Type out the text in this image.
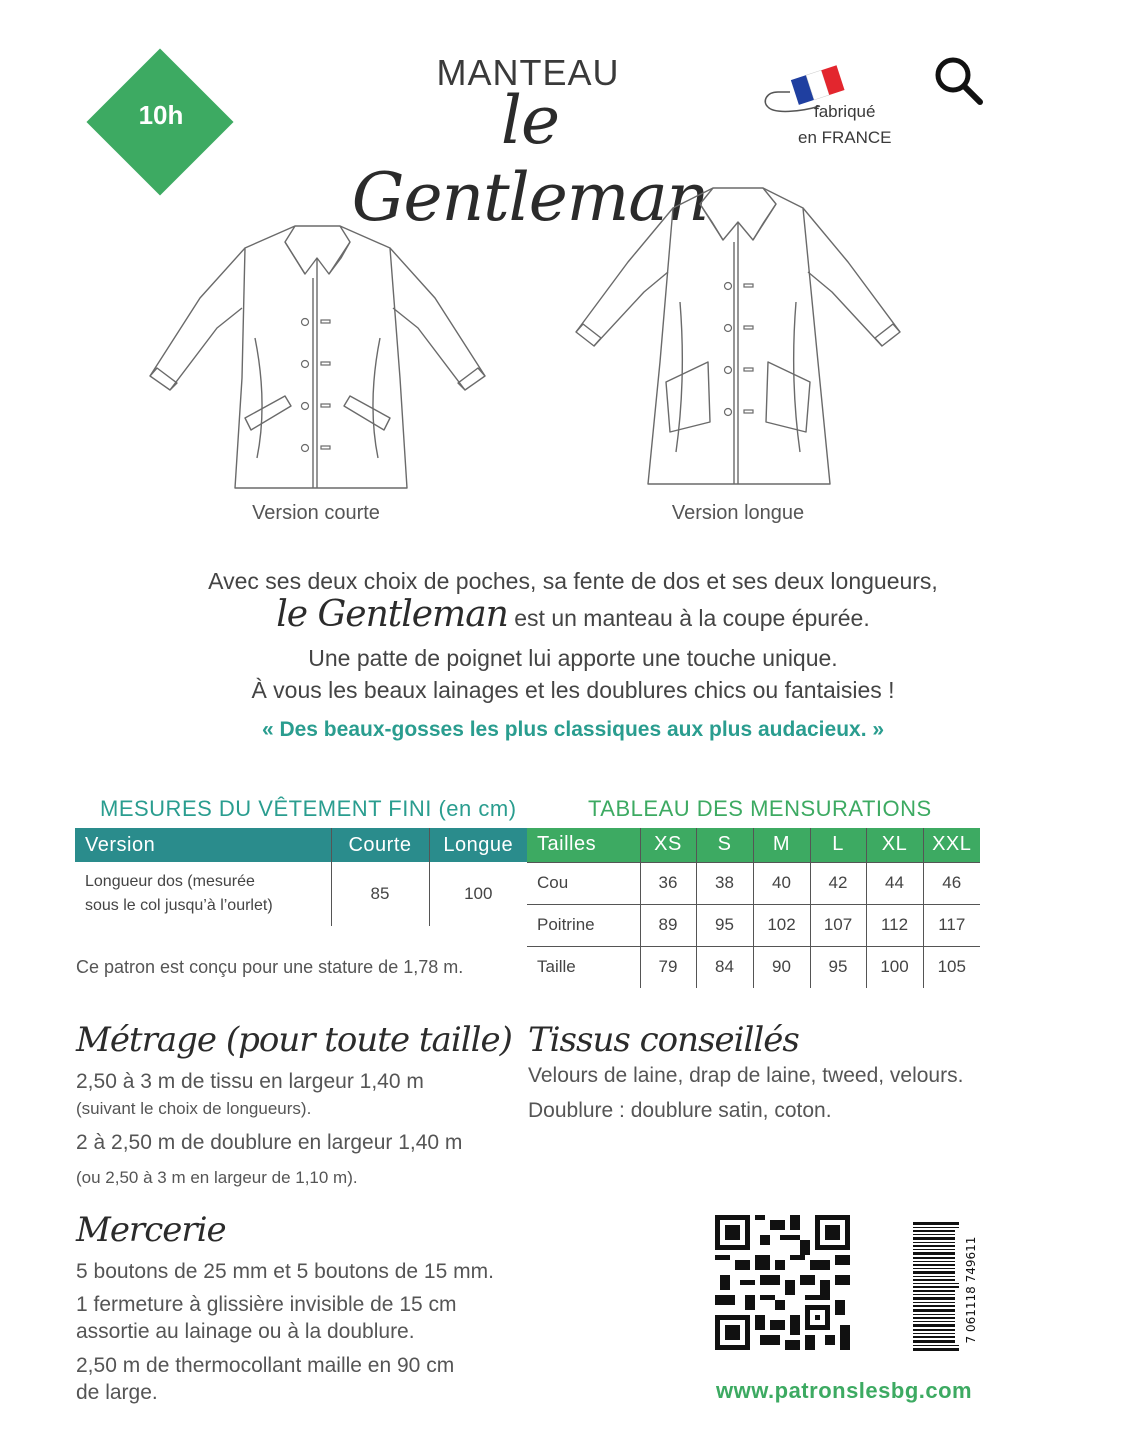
10h
MANTEAU
le Gentleman
fabriqué
en FRANCE
Version courte	Version longue
Avec ses deux choix de poches, sa fente de dos et ses deux longueurs,
le Gentleman est un manteau à la coupe épurée.
Une patte de poignet lui apporte une touche unique.
À vous les beaux lainages et les doublures chics ou fantaisies !
« Des beaux-gosses les plus classiques aux plus audacieux. »
MESURES DU VÊTEMENT FINI (en cm)	TABLEAU DES MENSURATIONS
Version	Courte	Longue

Longueur dos (mesurée
sous le col jusqu’à l’ourlet)	85	100
Ce patron est conçu pour une stature de 1,78 m.
Tailles	XS	S	M	L	XL	XXL
Cou	36	38	40	42	44	46
Poitrine	89	95	102	107	112	117
Taille	79	84	90	95	100	105
Métrage (pour toute taille)
2,50 à 3 m de tissu en largeur 1,40 m
(suivant le choix de longueurs).
2 à 2,50 m de doublure en largeur 1,40 m
(ou 2,50 à 3 m en largeur de 1,10 m).
Tissus conseillés
Velours de laine, drap de laine, tweed, velours.
Doublure : doublure satin, coton.
Mercerie
5 boutons de 25 mm et 5 boutons de 15 mm.
1 fermeture à glissière invisible de 15 cm
assortie au lainage ou à la doublure.
2,50 m de thermocollant maille en 90 cm
de large.
7 061118 749611
www.patronslesbg.com
